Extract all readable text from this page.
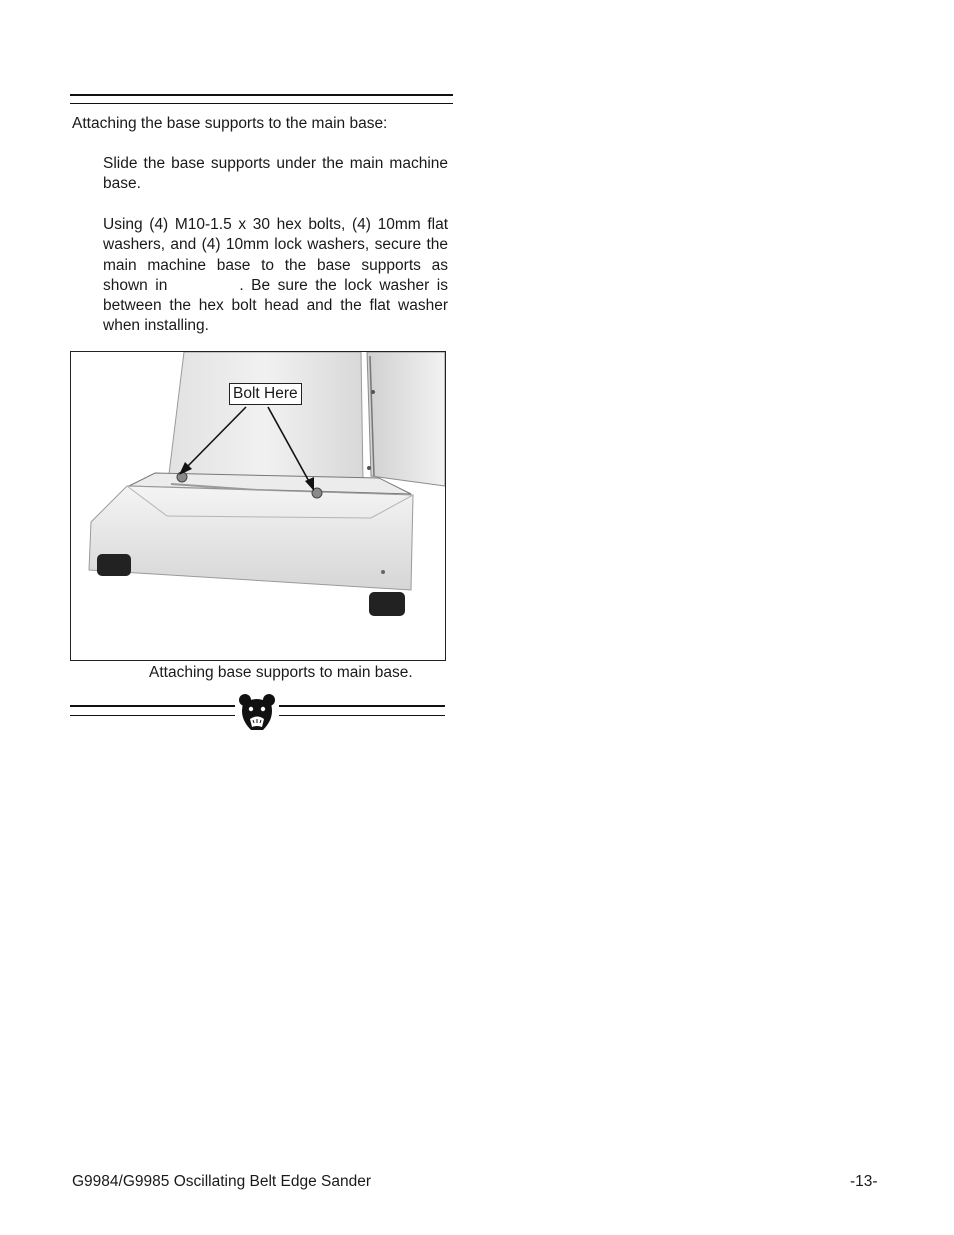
Attaching the base supports to the main base:
Slide the base supports under the main machine base.
Using (4) M10-1.5 x 30 hex bolts, (4) 10mm flat washers, and (4) 10mm lock washers, secure the main machine base to the base supports as shown in	. Be sure the lock washer is between the hex bolt head and the flat washer when installing.
Bolt Here
Attaching base supports to main base.
G9984/G9985 Oscillating Belt Edge Sander	-13-
